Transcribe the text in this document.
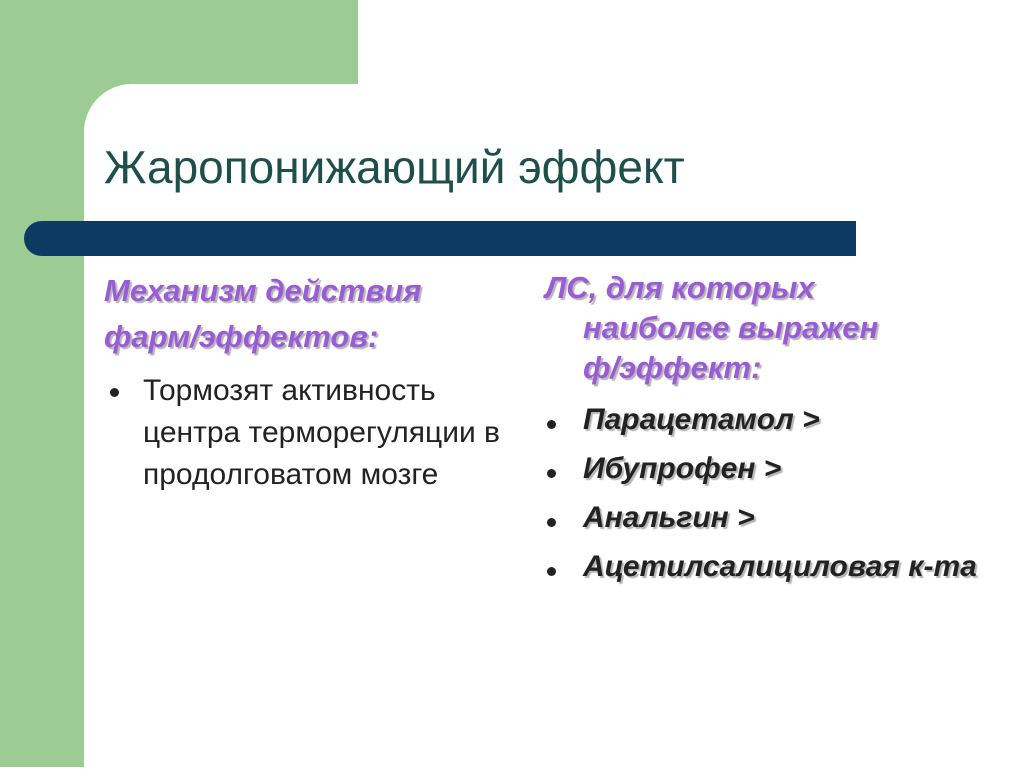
Жаропонижающий эффект
Механизм действия
фарм/эффектов:
Тормозят активность центра терморегуляции в продолговатом мозге
ЛС, для которых
наиболее выражен
ф/эффект:
Парацетамол >
Ибупрофен >
Анальгин >
Ацетилсалициловая к-та
